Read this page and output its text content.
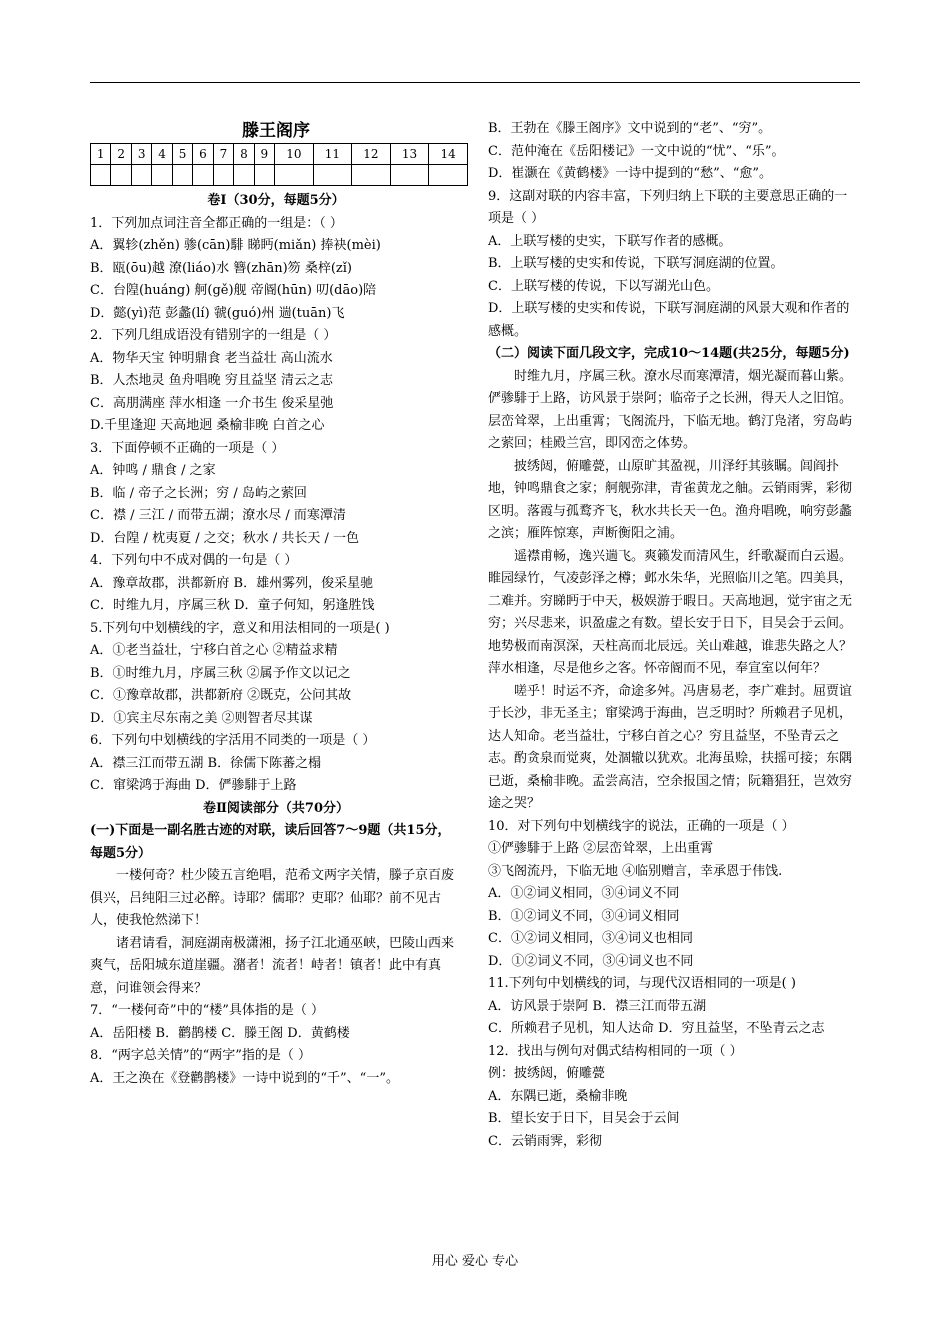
滕王阁序
1	2	3	4	5	6	7	8	9	10	11	12	13	14

卷Ⅰ（30分，每题5分）
1．下列加点词注音全都正确的一组是：（ ）
A．翼轸(zhěn) 骖(cān)騑 睇眄(miǎn) 捧袂(mèi)
B．瓯(ōu)越 潦(liáo)水 簪(zhān)笏 桑梓(zǐ)
C．台隍(huáng) 舸(gě)舰 帝阍(hūn) 叨(dāo)陪
D．懿(yì)范 彭蠡(lí) 虢(guó)州 遄(tuān)飞
2．下列几组成语没有错别字的一组是（ ）
A．物华天宝 钟明鼎食 老当益壮 高山流水
B．人杰地灵 鱼舟唱晚 穷且益坚 清云之志
C．高朋满座 萍水相逢 一介书生 俊采星弛
D.千里逢迎 天高地迥 桑榆非晚 白首之心
3．下面停顿不正确的一项是（ ）
A．钟鸣 / 鼎食 / 之家
B．临 / 帝子之长洲；穷 / 岛屿之萦回
C．襟 / 三江 / 而带五湖；潦水尽 / 而寒潭清
D．台隍 / 枕夷夏 / 之交；秋水 / 共长天 / 一色
4．下列句中不成对偶的一句是（ ）
A．豫章故郡，洪都新府 B．雄州雾列，俊采星驰
C．时维九月，序属三秋 D．童子何知，躬逢胜饯
5.下列句中划横线的字，意义和用法相同的一项是( )
A．①老当益壮，宁移白首之心 ②精益求精
B．①时维九月，序属三秋 ②属予作文以记之
C．①豫章故郡，洪都新府 ②既克，公问其故
D．①宾主尽东南之美 ②则智者尽其谋
6．下列句中划横线的字活用不同类的一项是（ ）
A．襟三江而带五湖 B．徐儒下陈蕃之榻
C．窜梁鸿于海曲 D．俨骖騑于上路
卷Ⅱ阅读部分（共70分）
(一)下面是一副名胜古迹的对联，读后回答7～9题（共15分，每题5分）
一楼何奇？杜少陵五言绝唱，范希文两字关情，滕子京百废俱兴，吕纯阳三过必醉。诗耶？儒耶？吏耶？仙耶？前不见古人，使我怆然涕下！
诸君请看，洞庭湖南极潇湘，扬子江北通巫峡，巴陵山西来爽气，岳阳城东道崖疆。潴者！流者！峙者！镇者！此中有真意，问谁领会得来？
7．“一楼何奇”中的“楼”具体指的是（ ）
A．岳阳楼 B．鹳鹊楼 C．滕王阁 D．黄鹤楼
8．“两字总关情”的“两字”指的是（ ）
A．王之涣在《登鹳鹊楼》一诗中说到的“千”、“一”。
B．王勃在《滕王阁序》文中说到的“老”、“穷”。
C．范仲淹在《岳阳楼记》一文中说的“忧”、“乐”。
D．崔灏在《黄鹤楼》一诗中提到的“愁”、“愈”。
9．这副对联的内容丰富，下列归纳上下联的主要意思正确的一项是（ ）
A．上联写楼的史实，下联写作者的感概。
B．上联写楼的史实和传说，下联写洞庭湖的位置。
C．上联写楼的传说，下以写湖光山色。
D．上联写楼的史实和传说，下联写洞庭湖的风景大观和作者的感概。
（二）阅读下面几段文字，完成10～14题(共25分，每题5分)
时维九月，序属三秋。潦水尽而寒潭清，烟光凝而暮山紫。俨骖騑于上路，访风景于崇阿；临帝子之长洲，得天人之旧馆。层峦耸翠，上出重霄；飞阁流丹，下临无地。鹤汀凫渚，穷岛屿之萦回；桂殿兰宫，即冈峦之体势。
披绣闼，俯雕甍，山原旷其盈视，川泽纡其骇瞩。闾阎扑地，钟鸣鼎食之家；舸舰弥津，青雀黄龙之舳。云销雨霁，彩彻区明。落霞与孤鹜齐飞，秋水共长天一色。渔舟唱晚，响穷彭蠡之滨；雁阵惊寒，声断衡阳之浦。
遥襟甫畅，逸兴遄飞。爽籁发而清风生，纤歌凝而白云遏。睢园绿竹，气凌彭泽之樽；邺水朱华，光照临川之笔。四美具，二难并。穷睇眄于中天，极娱游于暇日。天高地迥，觉宇宙之无穷；兴尽悲来，识盈虚之有数。望长安于日下，目吴会于云间。地势极而南溟深，天柱高而北辰远。关山难越，谁悲失路之人？萍水相逢，尽是他乡之客。怀帝阍而不见，奉宣室以何年？
嗟乎！时运不齐，命途多舛。冯唐易老，李广难封。屈贾谊于长沙，非无圣主；窜梁鸿于海曲，岂乏明时？所赖君子见机，达人知命。老当益壮，宁移白首之心？穷且益坚，不坠青云之志。酌贪泉而觉爽，处涸辙以犹欢。北海虽赊，扶摇可接；东隅已逝，桑榆非晚。孟尝高洁，空余报国之情；阮籍猖狂，岂效穷途之哭？
10．对下列句中划横线字的说法，正确的一项是（ ）
①俨骖騑于上路 ②层峦耸翠，上出重霄
③飞阁流丹，下临无地 ④临别赠言，幸承恩于伟饯.
A．①②词义相同，③④词义不同
B．①②词义不同，③④词义相同
C．①②词义相同，③④词义也相同
D．①②词义不同，③④词义也不同
11.下列句中划横线的词，与现代汉语相同的一项是( )
A．访风景于崇阿 B．襟三江而带五湖
C．所赖君子见机，知人达命 D．穷且益坚，不坠青云之志
12．找出与例句对偶式结构相同的一项（ ）
例：披绣闼，俯雕甍
A．东隅已逝，桑榆非晚
B．望长安于日下，目吴会于云间
C．云销雨霁，彩彻
用心 爱心 专心
